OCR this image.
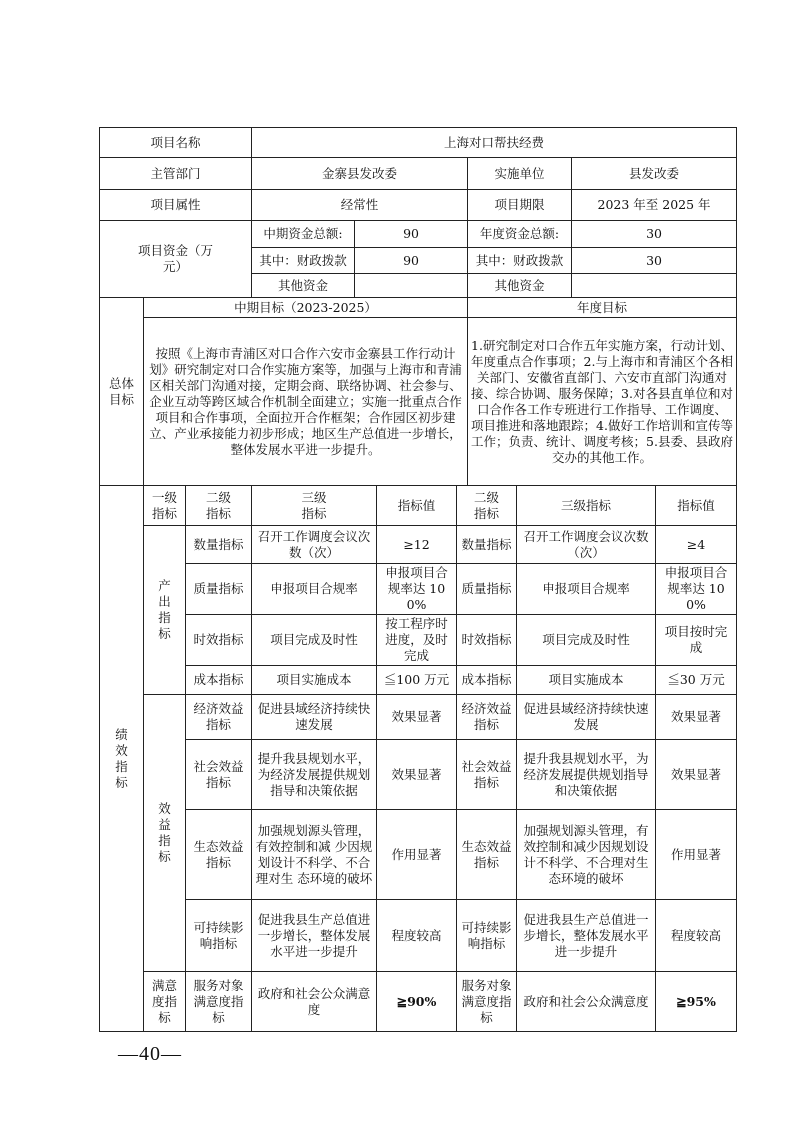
项目名称			上海对口帮扶经费							
主管部门			金寨县发改委				实施单位		县发改委	
项目属性			经常性				项目期限		2023 年至 2025 年	
项目资金（万元）			中期资金总额:	90			年度资金总额:		30	
			其中：财政拨款	90			其中：财政拨款		30	
			其他资金				其他资金			
总体目标	中期目标（2023-2025）						年度目标			
	按照《上海市青浦区对口合作六安市金寨县工作行动计划》研究制定对口合作实施方案等，加强与上海市和青浦区相关部门沟通对接，定期会商、联络协调、社会参与、企业互动等跨区域合作机制全面建立；实施一批重点合作项目和合作事项，全面拉开合作框架；合作园区初步建立、产业承接能力初步形成；地区生产总值进一步增长，整体发展水平进一步提升。						1.研究制定对口合作五年实施方案，行动计划、年度重点合作事项；2.与上海市和青浦区个各相关部门、安徽省直部门、六安市直部门沟通对接、综合协调、服务保障；3.对各县直单位和对口合作各工作专班进行工作指导、工作调度、项目推进和落地跟踪；4.做好工作培训和宣传等工作；负责、统计、调度考核；5.县委、县政府交办的其他工作。			
绩效指标	一级指标	二级指标	三级指标		指标值	二级指标		三级指标		指标值
	产出指标	数量指标	召开工作调度会议次数（次）		≥12	数量指标		召开工作调度会议次数（次）		≥4
		质量指标	申报项目合规率		申报项目合规率达 100%	质量指标		申报项目合规率		申报项目合规率达 100%
		时效指标	项目完成及时性		按工程序时进度，及时完成	时效指标		项目完成及时性		项目按时完成
		成本指标	项目实施成本		≦100 万元	成本指标		项目实施成本		≦30 万元
	效益指标	经济效益指标	促进县域经济持续快速发展		效果显著	经济效益指标		促进县域经济持续快速发展		效果显著
		社会效益指标	提升我县规划水平，为经济发展提供规划指导和决策依据		效果显著	社会效益指标		提升我县规划水平，为经济发展提供规划指导和决策依据		效果显著
		生态效益指标	加强规划源头管理，有效控制和减 少因规划设计不科学、不合理对生 态环境的破坏		作用显著	生态效益指标		加强规划源头管理，有效控制和减少因规划设计不科学、不合理对生态环境的破坏		作用显著
		可持续影响指标	促进我县生产总值进一步增长，整体发展水平进一步提升		程度较高	可持续影响指标		促进我县生产总值进一步增长，整体发展水平进一步提升		程度较高
	满意度指标	服务对象满意度指标	政府和社会公众满意度		≧90%	服务对象满意度指标		政府和社会公众满意度		≧95%
—40—
